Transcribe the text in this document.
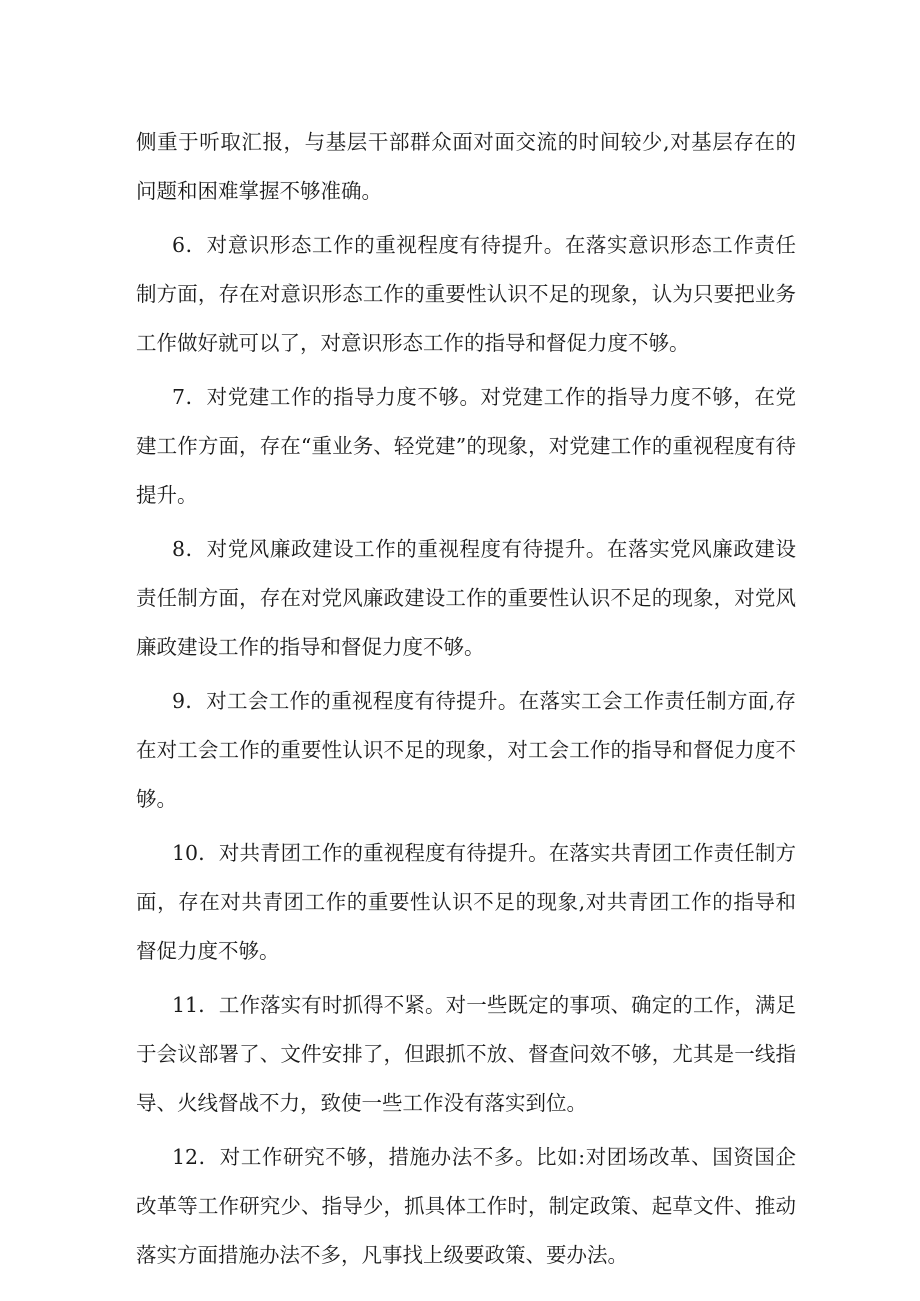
侧重于听取汇报，与基层干部群众面对面交流的时间较少,对基层存在的问题和困难掌握不够准确。

6．对意识形态工作的重视程度有待提升。在落实意识形态工作责任制方面，存在对意识形态工作的重要性认识不足的现象，认为只要把业务工作做好就可以了，对意识形态工作的指导和督促力度不够。

7．对党建工作的指导力度不够。对党建工作的指导力度不够，在党建工作方面，存在“重业务、轻党建”的现象，对党建工作的重视程度有待提升。

8．对党风廉政建设工作的重视程度有待提升。在落实党风廉政建设责任制方面，存在对党风廉政建设工作的重要性认识不足的现象，对党风廉政建设工作的指导和督促力度不够。

9．对工会工作的重视程度有待提升。在落实工会工作责任制方面,存在对工会工作的重要性认识不足的现象，对工会工作的指导和督促力度不够。

10．对共青团工作的重视程度有待提升。在落实共青团工作责任制方面，存在对共青团工作的重要性认识不足的现象,对共青团工作的指导和督促力度不够。

11．工作落实有时抓得不紧。对一些既定的事项、确定的工作，满足于会议部署了、文件安排了，但跟抓不放、督查问效不够，尤其是一线指导、火线督战不力，致使一些工作没有落实到位。

12．对工作研究不够，措施办法不多。比如:对团场改革、国资国企改革等工作研究少、指导少，抓具体工作时，制定政策、起草文件、推动落实方面措施办法不多，凡事找上级要政策、要办法。
